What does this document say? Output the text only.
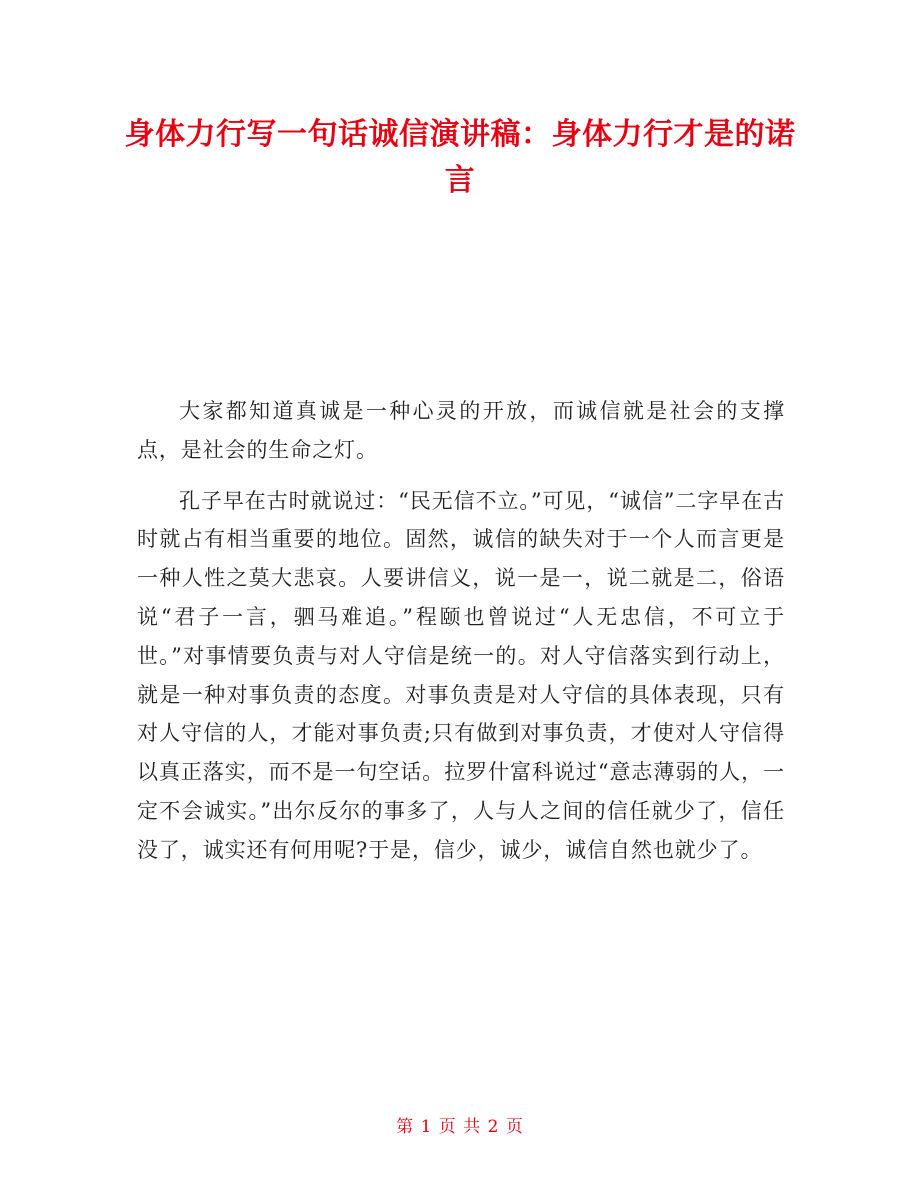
身体力行写一句话诚信演讲稿：身体力行才是的诺言

大家都知道真诚是一种心灵的开放，而诚信就是社会的支撑点，是社会的生命之灯。

孔子早在古时就说过：“民无信不立。”可见，“诚信”二字早在古时就占有相当重要的地位。固然，诚信的缺失对于一个人而言更是一种人性之莫大悲哀。人要讲信义，说一是一，说二就是二，俗语说“君子一言，驷马难追。”程颐也曾说过“人无忠信，不可立于世。”对事情要负责与对人守信是统一的。对人守信落实到行动上，就是一种对事负责的态度。对事负责是对人守信的具体表现，只有对人守信的人，才能对事负责;只有做到对事负责，才使对人守信得以真正落实，而不是一句空话。拉罗什富科说过“意志薄弱的人，一定不会诚实。”出尔反尔的事多了，人与人之间的信任就少了，信任没了，诚实还有何用呢?于是，信少，诚少，诚信自然也就少了。

第 1 页 共 2 页
